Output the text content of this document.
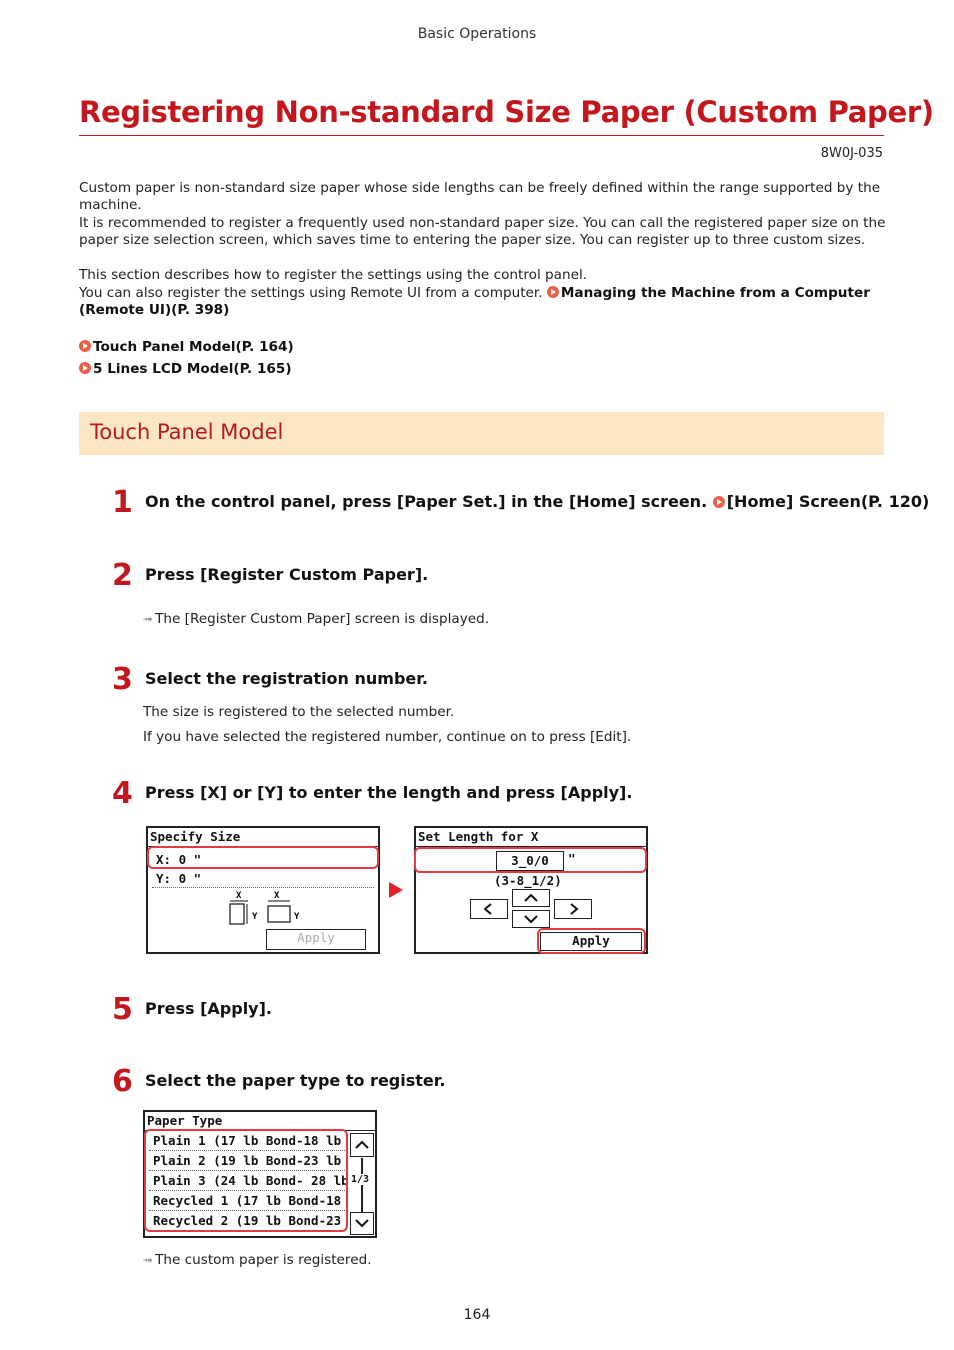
Basic Operations
Registering Non-standard Size Paper (Custom Paper)
8W0J-035
Custom paper is non-standard size paper whose side lengths can be freely defined within the range supported by the machine.
It is recommended to register a frequently used non-standard paper size. You can call the registered paper size on the paper size selection screen, which saves time to entering the paper size. You can register up to three custom sizes.
This section describes how to register the settings using the control panel.
You can also register the settings using Remote UI from a computer. Managing the Machine from a Computer (Remote UI)(P. 398)
Touch Panel Model(P. 164)
5 Lines LCD Model(P. 165)
Touch Panel Model
1 On the control panel, press [Paper Set.] in the [Home] screen. [Home] Screen(P. 120)
2 Press [Register Custom Paper].
➟ The [Register Custom Paper] screen is displayed.
3 Select the registration number.
The size is registered to the selected number.
If you have selected the registered number, continue on to press [Edit].
4 Press [X] or [Y] to enter the length and press [Apply].
Specify Size
X: 0 "
Y: 0 "
X
Y
X
Y
Apply
Set Length for X
3_0/0	"
(3-8_1/2)
Apply
5 Press [Apply].
6 Select the paper type to register.
Paper Type
Plain 1 (17 lb Bond-18 lb
Plain 2 (19 lb Bond-23 lb
Plain 3 (24 lb Bond- 28 lb
Recycled 1 (17 lb Bond-18
Recycled 2 (19 lb Bond-23
1/3
➟ The custom paper is registered.
164
